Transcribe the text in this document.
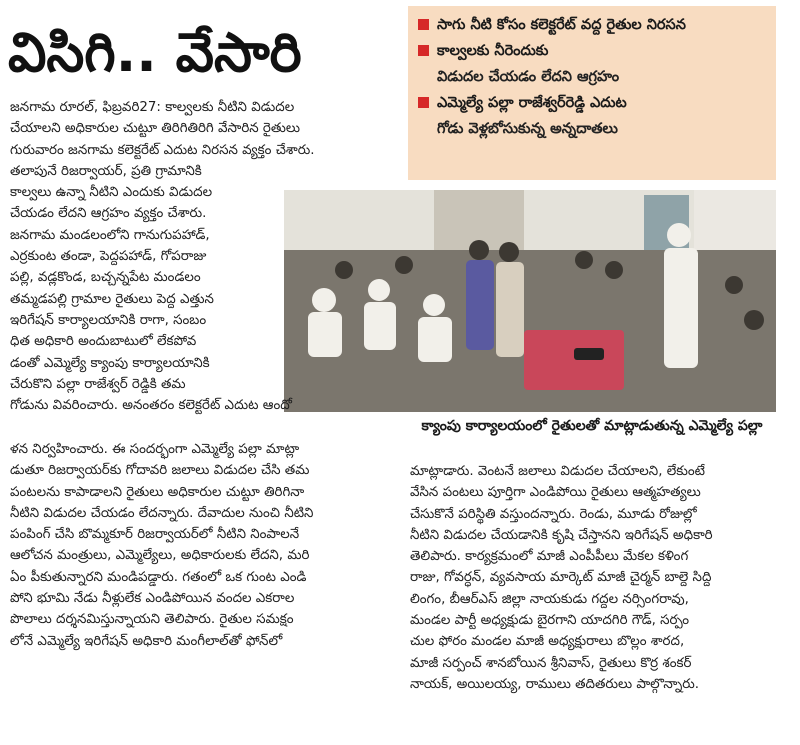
విసిగి.. వేసారి	సాగు నీటి కోసం కలెక్టరేట్ వద్ద రైతుల నిరసన
కాల్వలకు నీరెందుకు
విడుదల చేయడం లేదని ఆగ్రహం
ఎమ్మెల్యే పల్లా రాజేశ్వర్‌రెడ్డి ఎదుట
గోడు వెళ్లబోసుకున్న అన్నదాతలు
క్యాంపు కార్యాలయంలో రైతులతో మాట్లాడుతున్న ఎమ్మెల్యే పల్లా
జనగామ రూరల్, ఫిబ్రవరి27: కాల్వలకు నీటిని విడుదల
చేయాలని అధికారుల చుట్టూ తిరిగితిరిగి వేసారిన రైతులు
గురువారం జనగామ కలెక్టరేట్ ఎదుట నిరసన వ్యక్తం చేశారు.
తలాపునే రిజర్వాయర్, ప్రతి గ్రామానికి
కాల్వలు ఉన్నా నీటిని ఎందుకు విడుదల
చేయడం లేదని ఆగ్రహం వ్యక్తం చేశారు.
జనగామ మండలంలోని గానుగుపహాడ్,
ఎర్రకుంట తండా, పెద్దపహాడ్, గోపరాజు
పల్లి, వడ్లకొండ, బచ్చన్నపేట మండలం
తమ్మడపల్లి గ్రామాల రైతులు పెద్ద ఎత్తున
ఇరిగేషన్ కార్యాలయానికి రాగా, సంబం
ధిత అధికారి అందుబాటులో లేకపోవ
డంతో ఎమ్మెల్యే క్యాంపు కార్యాలయానికి
చేరుకొని పల్లా రాజేశ్వర్ రెడ్డికి తమ
గోడును వివరించారు. అనంతరం కలెక్టరేట్ ఎదుట ఆందో
ళన నిర్వహించారు. ఈ సందర్భంగా ఎమ్మెల్యే పల్లా మాట్లా
డుతూ రిజర్వాయర్‌కు గోదావరి జలాలు విడుదల చేసి తమ
పంటలను కాపాడాలని రైతులు అధికారుల చుట్టూ తిరిగినా
నీటిని విడుదల చేయడం లేదన్నారు. దేవాదుల నుంచి నీటిని
పంపింగ్ చేసి బొమ్మకూర్ రిజర్వాయర్‌లో నీటిని నింపాలనే
ఆలోచన మంత్రులు, ఎమ్మెల్యేలు, అధికారులకు లేదని, మరి
ఏం పీకుతున్నారని మండిపడ్డారు. గతంలో ఒక గుంట ఎండి
పోని భూమి నేడు నీళ్లులేక ఎండిపోయిన వందల ఎకరాల
పొలాలు దర్శనమిస్తున్నాయని తెలిపారు. రైతుల సమక్షం
లోనే ఎమ్మెల్యే ఇరిగేషన్ అధికారి మంగీలాల్‌తో ఫోన్‌లో
మాట్లాడారు. వెంటనే జలాలు విడుదల చేయాలని, లేకుంటే
వేసిన పంటలు పూర్తిగా ఎండిపోయి రైతులు ఆత్మహత్యలు
చేసుకొనే పరిస్థితి వస్తుందన్నారు. రెండు, మూడు రోజుల్లో
నీటిని విడుదల చేయడానికి కృషి చేస్తానని ఇరిగేషన్ అధికారి
తెలిపారు. కార్యక్రమంలో మాజీ ఎంపీపీలు మేకల కళింగ
రాజు, గోవర్ధన్, వ్యవసాయ మార్కెట్ మాజీ చైర్మన్ బాల్దె సిద్ది
లింగం, బీఆర్ఎస్ జిల్లా నాయకుడు గద్దల నర్సింగరావు,
మండల పార్టీ అధ్యక్షుడు బైరగాని యాదగిరి గౌడ్, సర్పం
చుల ఫోరం మండల మాజీ అధ్యక్షురాలు బొల్లం శారద,
మాజీ సర్పంచ్ శానబోయిన శ్రీనివాస్, రైతులు కొర్ర శంకర్
నాయక్, అయిలయ్య, రాములు తదితరులు పాల్గొన్నారు.
